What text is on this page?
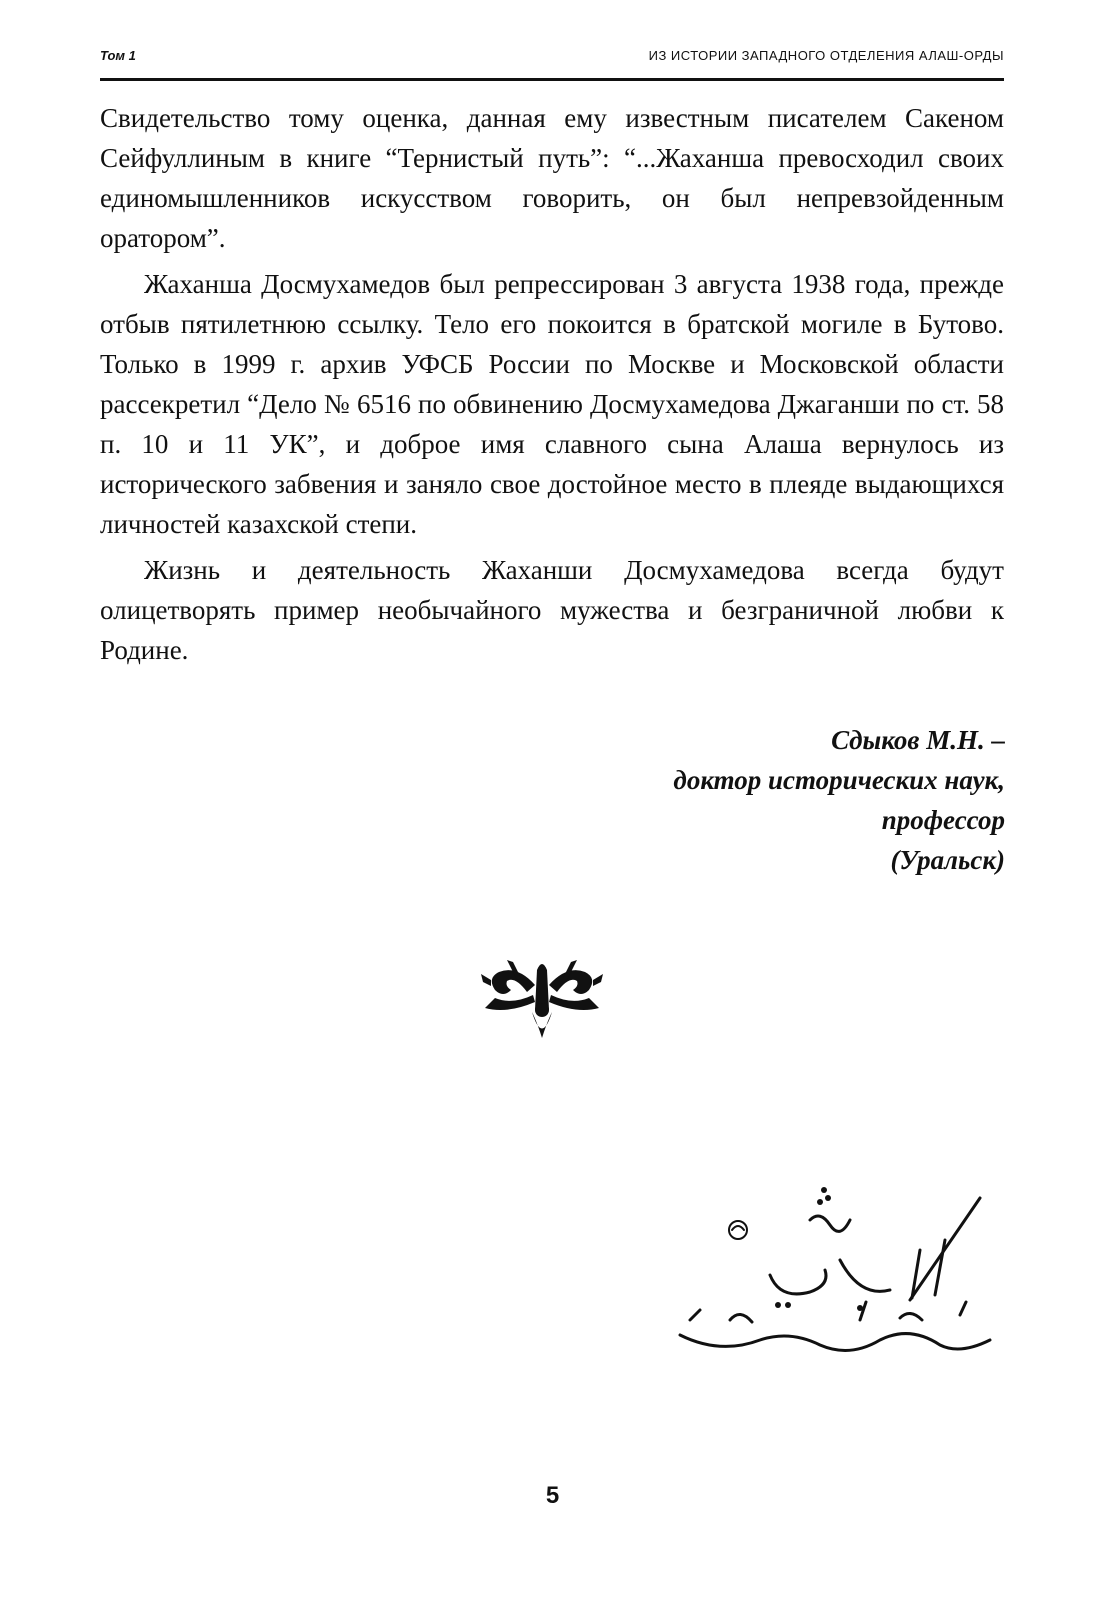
Том 1	ИЗ ИСТОРИИ ЗАПАДНОГО ОТДЕЛЕНИЯ АЛАШ-ОРДЫ

Свидетельство тому оценка, данная ему известным писателем Сакеном Сейфуллиным в книге “Тернистый путь”: “...Жаханша превосходил своих единомышленников искусством говорить, он был непревзойденным оратором”.

Жаханша Досмухамедов был репрессирован 3 августа 1938 года, прежде отбыв пятилетнюю ссылку. Тело его покоится в братской могиле в Бутово. Только в 1999 г. архив УФСБ России по Москве и Московской области рассекретил “Дело № 6516 по обвинению Досмухамедова Джаганши по ст. 58 п. 10 и 11 УК”, и доброе имя славного сына Алаша вернулось из исторического забвения и заняло свое достойное место в плеяде выдающихся личностей казахской степи.

Жизнь и деятельность Жаханши Досмухамедова всегда будут олицетворять пример необычайного мужества и безграничной любви к Родине.

Сдыков М.Н. –
доктор исторических наук,
профессор
(Уральск)
5
